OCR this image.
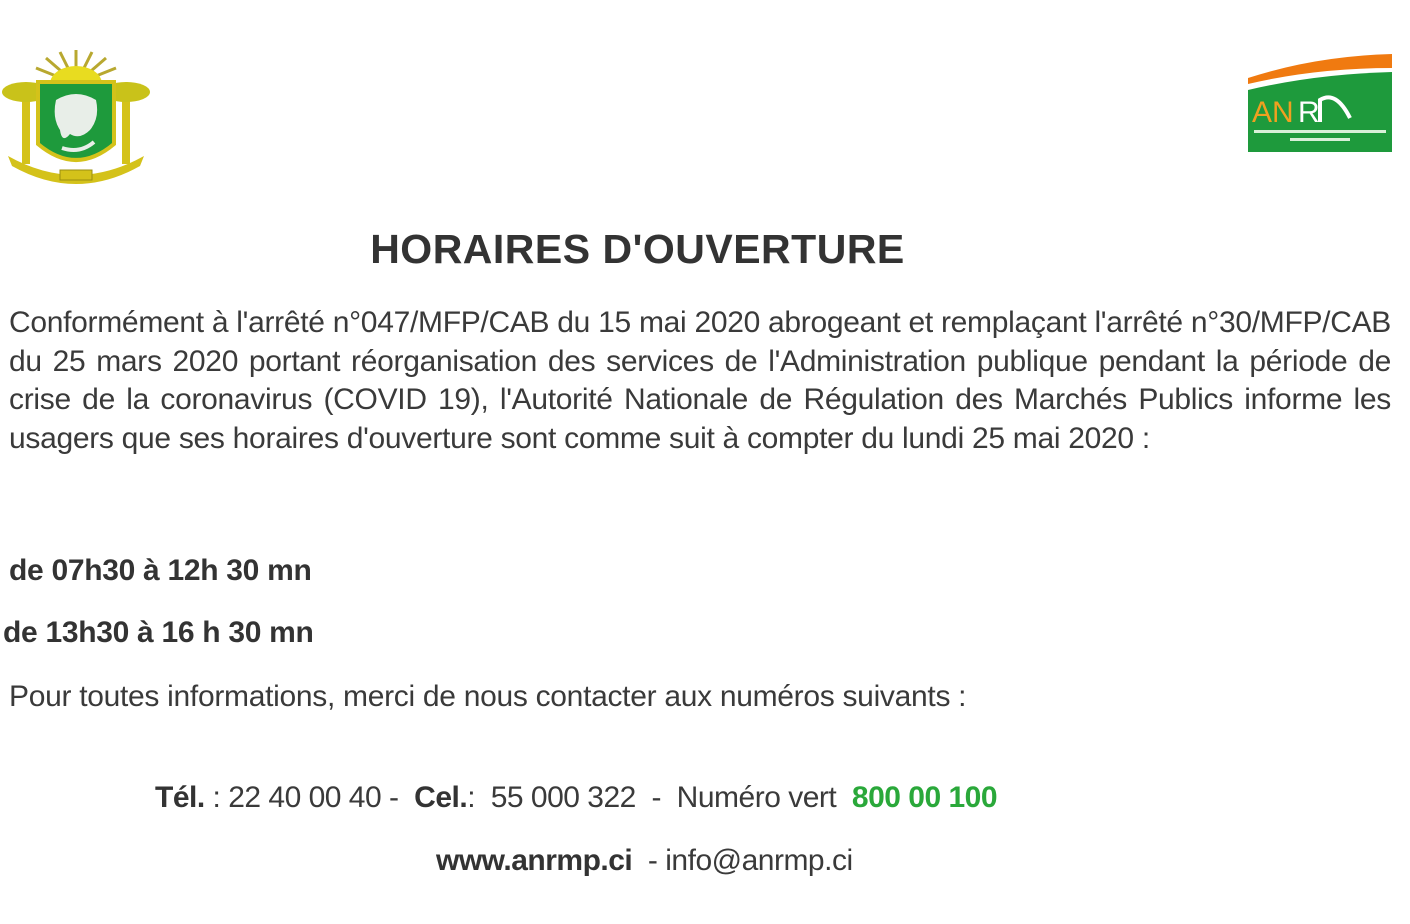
AN R
HORAIRES D'OUVERTURE
Conformément à l'arrêté n°047/MFP/CAB du 15 mai 2020 abrogeant et remplaçant l'arrêté n°30/MFP/CAB du 25 mars 2020 portant réorganisation des services de l'Administration publique pendant la période de crise de la coronavirus (COVID 19), l'Autorité Nationale de Régulation des Marchés Publics informe les usagers que ses horaires d'ouverture sont comme suit à compter du lundi 25 mai 2020 :
de 07h30 à 12h 30 mn
de 13h30 à 16 h 30 mn
Pour toutes informations, merci de nous contacter aux numéros suivants :
Tél. : 22 40 00 40 -  Cel.:  55 000 322  -  Numéro vert  800 00 100
www.anrmp.ci  - info@anrmp.ci
